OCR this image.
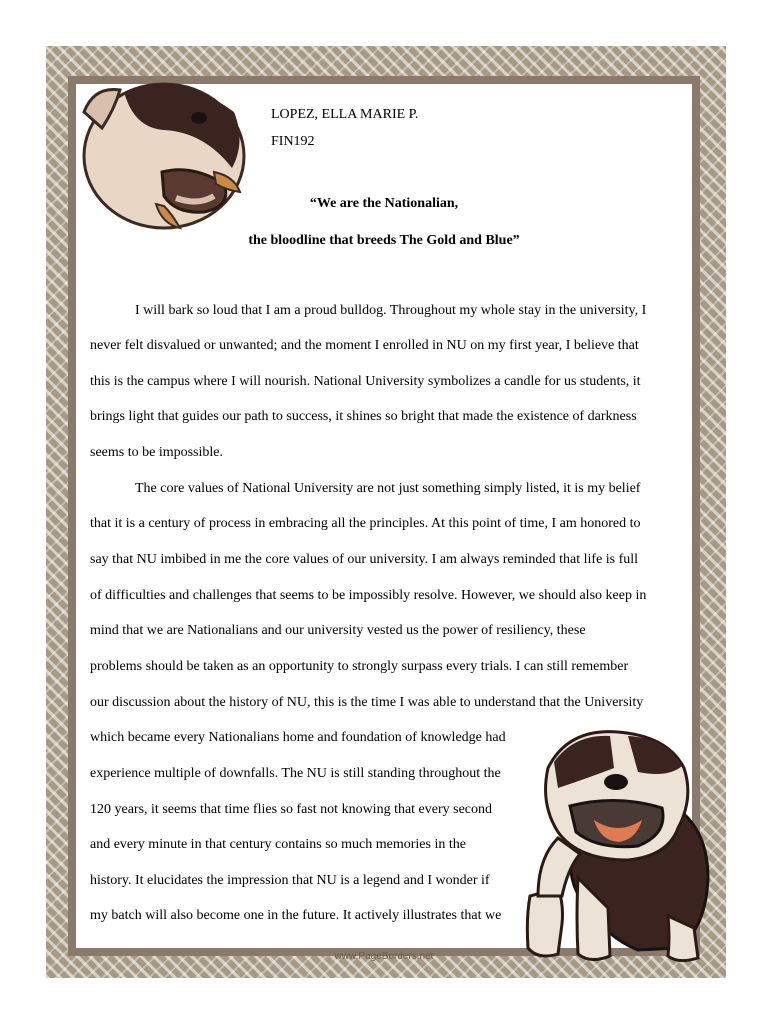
LOPEZ, ELLA MARIE P.
FIN192
“We are the Nationalian,
the bloodline that breeds The Gold and Blue”
I will bark so loud that I am a proud bulldog. Throughout my whole stay in the university, I
never felt disvalued or unwanted; and the moment I enrolled in NU on my first year, I believe that
this is the campus where I will nourish. National University symbolizes a candle for us students, it
brings light that guides our path to success, it shines so bright that made the existence of darkness
seems to be impossible.
The core values of National University are not just something simply listed, it is my belief
that it is a century of process in embracing all the principles. At this point of time, I am honored to
say that NU imbibed in me the core values of our university. I am always reminded that life is full
of difficulties and challenges that seems to be impossibly resolve. However, we should also keep in
mind that we are Nationalians and our university vested us the power of resiliency, these
problems should be taken as an opportunity to strongly surpass every trials. I can still remember
our discussion about the history of NU, this is the time I was able to understand that the University
which became every Nationalians home and foundation of knowledge had
experience multiple of downfalls. The NU is still standing throughout the
120 years, it seems that time flies so fast not knowing that every second
and every minute in that century contains so much memories in the
history. It elucidates the impression that NU is a legend and I wonder if
my batch will also become one in the future. It actively illustrates that we
www.PageBorders.net
